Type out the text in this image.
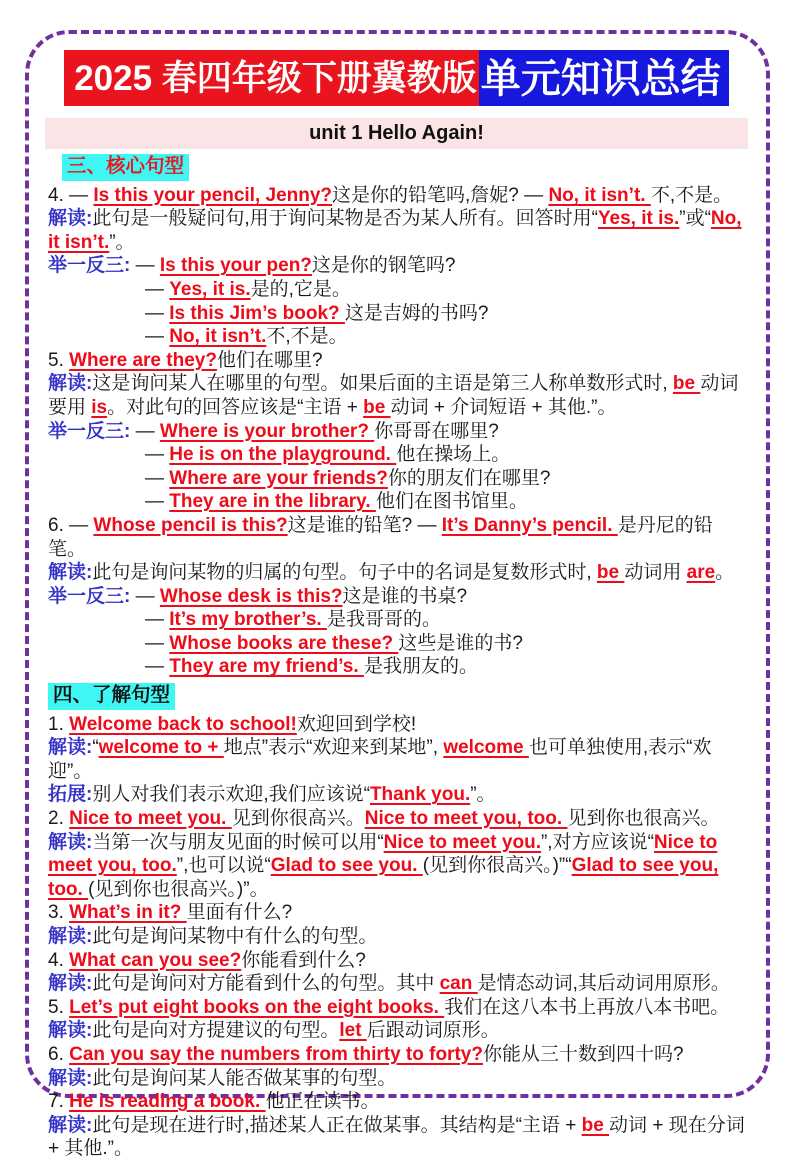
2025 春四年级下册冀教版 单元知识总结
unit 1 Hello Again!
三、核心句型
4. — Is this your pencil, Jenny?这是你的铅笔吗,詹妮? — No, it isn’t. 不,不是。
解读:此句是一般疑问句,用于询问某物是否为某人所有。回答时用“Yes, it is.”或“No, it isn’t.”。
举一反三: — Is this your pen?这是你的钢笔吗?
— Yes, it is.是的,它是。
— Is this Jim’s book? 这是吉姆的书吗?
— No, it isn’t.不,不是。
5. Where are they?他们在哪里?
解读:这是询问某人在哪里的句型。如果后面的主语是第三人称单数形式时, be 动词要用 is。对此句的回答应该是“主语 + be 动词 + 介词短语 + 其他.”。
举一反三: — Where is your brother? 你哥哥在哪里?
— He is on the playground. 他在操场上。
— Where are your friends?你的朋友们在哪里?
— They are in the library. 他们在图书馆里。
6. — Whose pencil is this?这是谁的铅笔? — It’s Danny’s pencil. 是丹尼的铅笔。
解读:此句是询问某物的归属的句型。句子中的名词是复数形式时, be 动词用 are。
举一反三: — Whose desk is this?这是谁的书桌?
— It’s my brother’s. 是我哥哥的。
— Whose books are these? 这些是谁的书?
— They are my friend’s. 是我朋友的。
四、了解句型
1. Welcome back to school!欢迎回到学校!
解读:“welcome to + 地点”表示“欢迎来到某地”, welcome 也可单独使用,表示“欢迎”。
拓展:别人对我们表示欢迎,我们应该说“Thank you.”。
2. Nice to meet you. 见到你很高兴。Nice to meet you, too. 见到你也很高兴。
解读:当第一次与朋友见面的时候可以用“Nice to meet you.”,对方应该说“Nice to meet you, too.”,也可以说“Glad to see you. (见到你很高兴。)”“Glad to see you, too. (见到你也很高兴。)”。
3. What’s in it? 里面有什么?
解读:此句是询问某物中有什么的句型。
4. What can you see?你能看到什么?
解读:此句是询问对方能看到什么的句型。其中 can 是情态动词,其后动词用原形。
5. Let’s put eight books on the eight books. 我们在这八本书上再放八本书吧。
解读:此句是向对方提建议的句型。let 后跟动词原形。
6. Can you say the numbers from thirty to forty?你能从三十数到四十吗?
解读:此句是询问某人能否做某事的句型。
7. He is reading a book. 他正在读书。
解读:此句是现在进行时,描述某人正在做某事。其结构是“主语 + be 动词 + 现在分词 + 其他.”。
